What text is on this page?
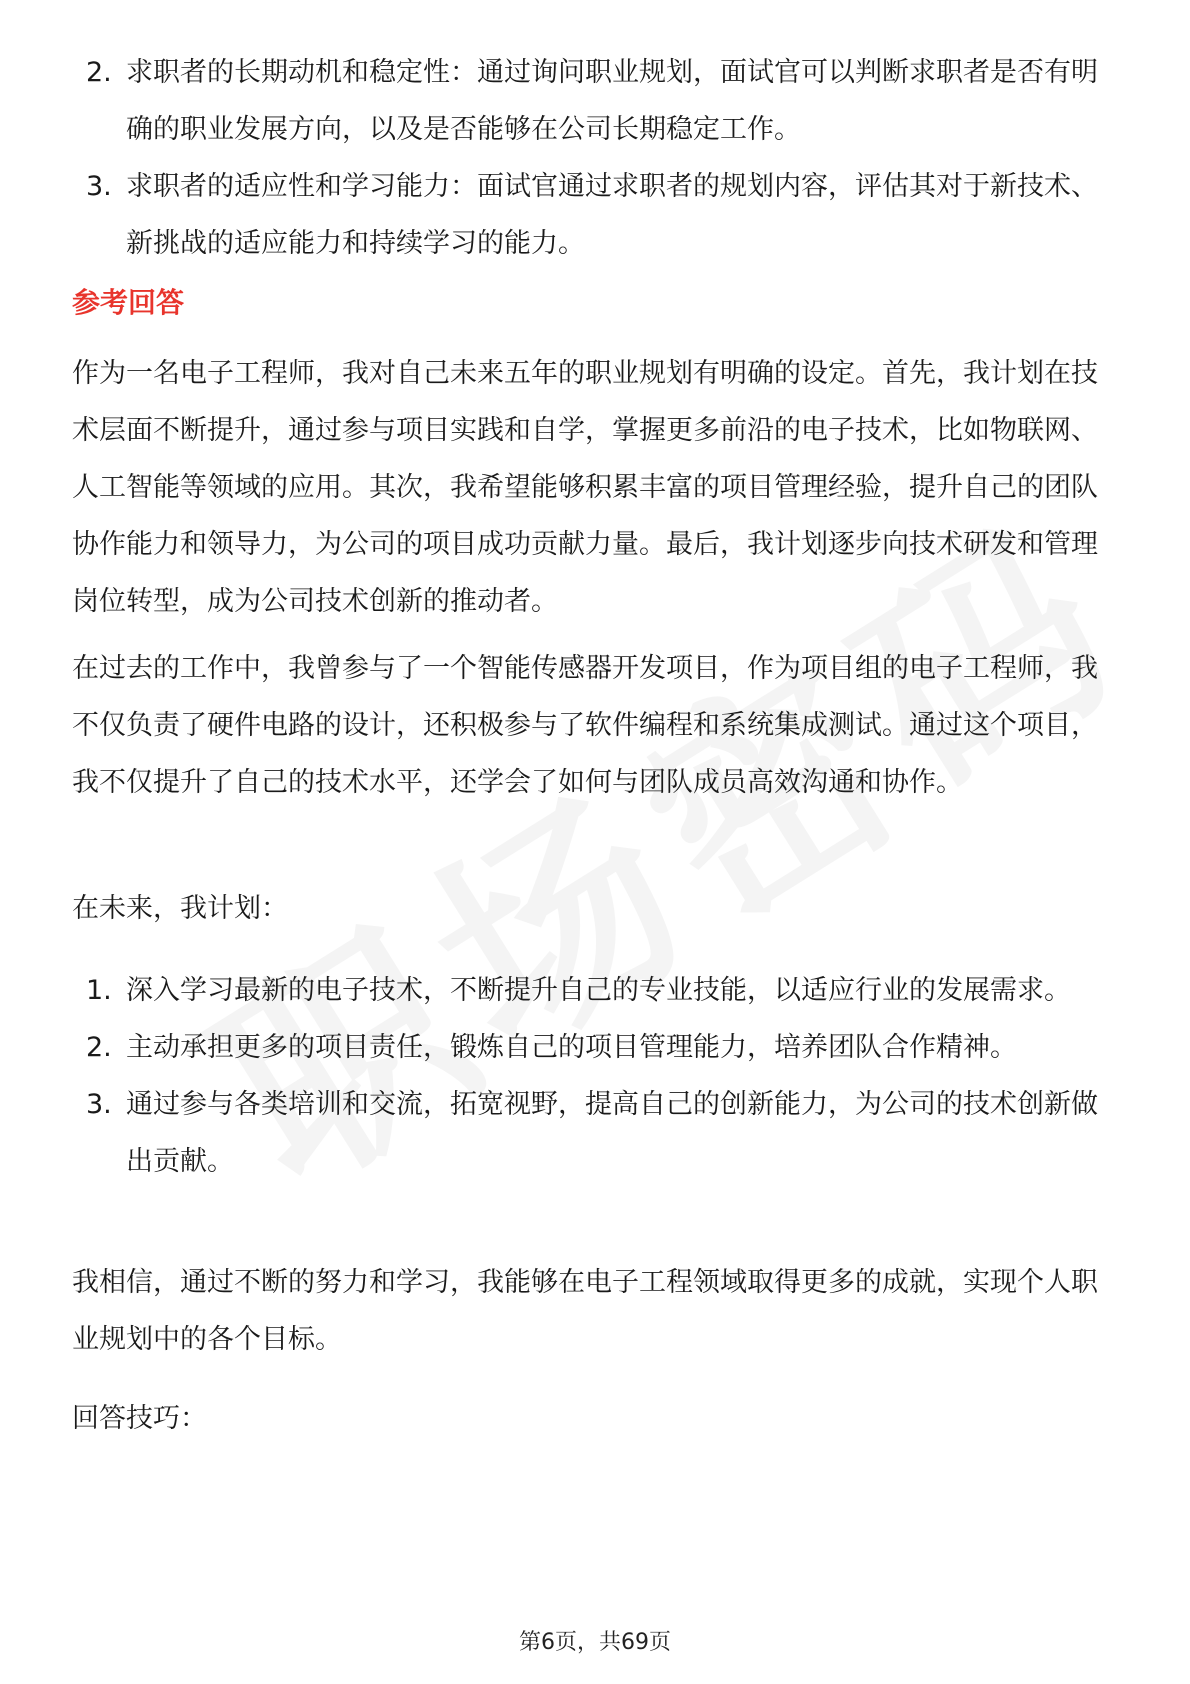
2. 求职者的长期动机和稳定性：通过询问职业规划，面试官可以判断求职者是否有明确的职业发展方向，以及是否能够在公司长期稳定工作。
3. 求职者的适应性和学习能力：面试官通过求职者的规划内容，评估其对于新技术、新挑战的适应能力和持续学习的能力。
参考回答
作为一名电子工程师，我对自己未来五年的职业规划有明确的设定。首先，我计划在技术层面不断提升，通过参与项目实践和自学，掌握更多前沿的电子技术，比如物联网、人工智能等领域的应用。其次，我希望能够积累丰富的项目管理经验，提升自己的团队协作能力和领导力，为公司的项目成功贡献力量。最后，我计划逐步向技术研发和管理岗位转型，成为公司技术创新的推动者。
在过去的工作中，我曾参与了一个智能传感器开发项目，作为项目组的电子工程师，我不仅负责了硬件电路的设计，还积极参与了软件编程和系统集成测试。通过这个项目，我不仅提升了自己的技术水平，还学会了如何与团队成员高效沟通和协作。
在未来，我计划：
1. 深入学习最新的电子技术，不断提升自己的专业技能，以适应行业的发展需求。
2. 主动承担更多的项目责任，锻炼自己的项目管理能力，培养团队合作精神。
3. 通过参与各类培训和交流，拓宽视野，提高自己的创新能力，为公司的技术创新做出贡献。
我相信，通过不断的努力和学习，我能够在电子工程领域取得更多的成就，实现个人职业规划中的各个目标。
回答技巧：
第6页，共69页
